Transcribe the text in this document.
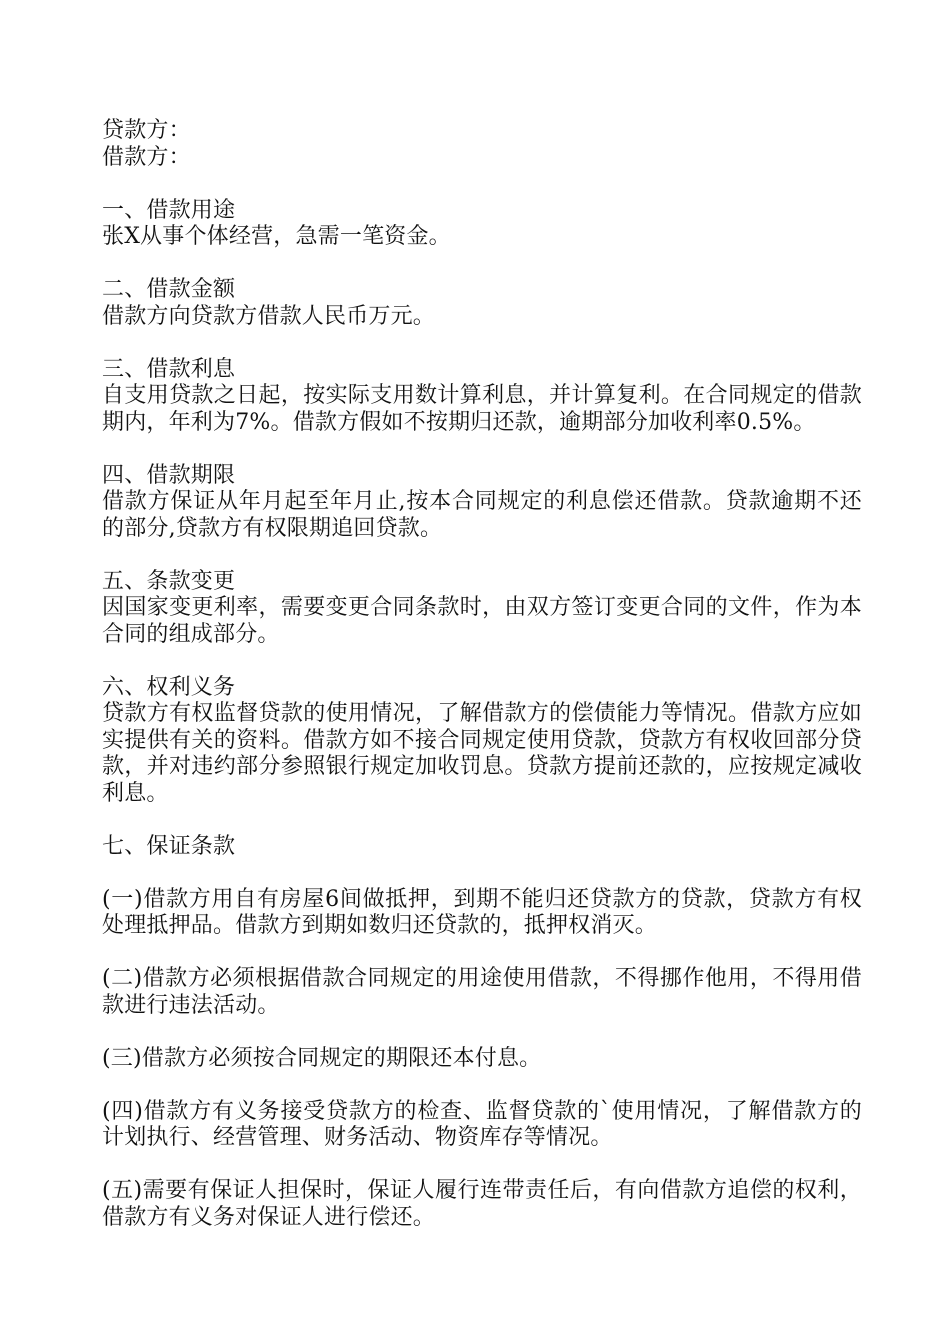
贷款方：
借款方：
一、借款用途

张X从事个体经营，急需一笔资金。

二、借款金额

借款方向贷款方借款人民币万元。

三、借款利息

自支用贷款之日起，按实际支用数计算利息，并计算复利。在合同规定的借款期内，年利为7%。借款方假如不按期归还款，逾期部分加收利率0.5%。

四、借款期限

借款方保证从年月起至年月止,按本合同规定的利息偿还借款。贷款逾期不还的部分,贷款方有权限期追回贷款。

五、条款变更

因国家变更利率，需要变更合同条款时，由双方签订变更合同的文件，作为本合同的组成部分。

六、权利义务

贷款方有权监督贷款的使用情况，了解借款方的偿债能力等情况。借款方应如实提供有关的资料。借款方如不接合同规定使用贷款，贷款方有权收回部分贷款，并对违约部分参照银行规定加收罚息。贷款方提前还款的，应按规定减收利息。

七、保证条款

(一)借款方用自有房屋6间做抵押，到期不能归还贷款方的贷款，贷款方有权处理抵押品。借款方到期如数归还贷款的，抵押权消灭。

(二)借款方必须根据借款合同规定的用途使用借款，不得挪作他用，不得用借款进行违法活动。

(三)借款方必须按合同规定的期限还本付息。

(四)借款方有义务接受贷款方的检查、监督贷款的`使用情况，了解借款方的计划执行、经营管理、财务活动、物资库存等情况。

(五)需要有保证人担保时，保证人履行连带责任后，有向借款方追偿的权利，借款方有义务对保证人进行偿还。
